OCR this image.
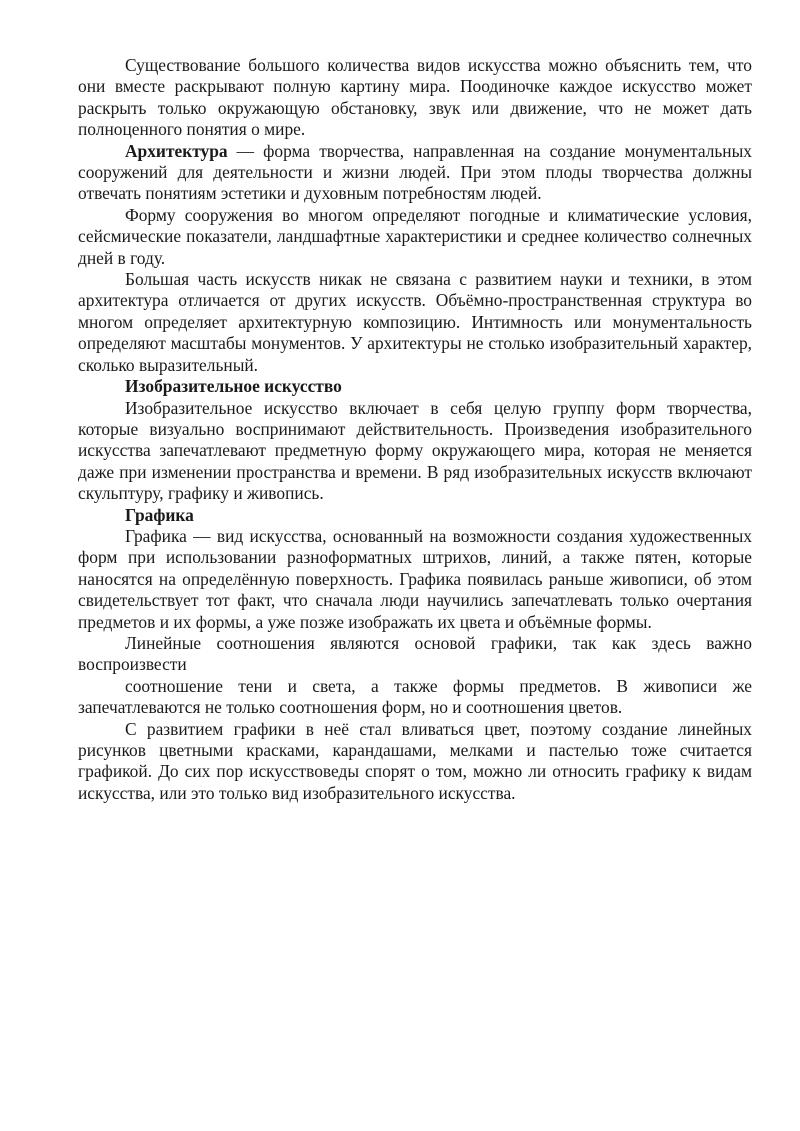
Существование большого количества видов искусства можно объяснить тем, что они вместе раскрывают полную картину мира. Поодиночке каждое искусство может раскрыть только окружающую обстановку, звук или движение, что не может дать полноценного понятия о мире.

Архитектура — форма творчества, направленная на создание монументальных сооружений для деятельности и жизни людей. При этом плоды творчества должны отвечать понятиям эстетики и духовным потребностям людей.

Форму сооружения во многом определяют погодные и климатические условия, сейсмические показатели, ландшафтные характеристики и среднее количество солнечных дней в году.

Большая часть искусств никак не связана с развитием науки и техники, в этом архитектура отличается от других искусств. Объёмно-пространственная структура во многом определяет архитектурную композицию. Интимность или монументальность определяют масштабы монументов. У архитектуры не столько изобразительный характер, сколько выразительный.

Изобразительное искусство

Изобразительное искусство включает в себя целую группу форм творчества, которые визуально воспринимают действительность. Произведения изобразительного искусства запечатлевают предметную форму окружающего мира, которая не меняется даже при изменении пространства и времени. В ряд изобразительных искусств включают скульптуру, графику и живопись.

Графика

Графика — вид искусства, основанный на возможности создания художественных форм при использовании разноформатных штрихов, линий, а также пятен, которые наносятся на определённую поверхность. Графика появилась раньше живописи, об этом свидетельствует тот факт, что сначала люди научились запечатлевать только очертания предметов и их формы, а уже позже изображать их цвета и объёмные формы.

Линейные соотношения являются основой графики, так как здесь важно воспроизвести

соотношение тени и света, а также формы предметов. В живописи же запечатлеваются не только соотношения форм, но и соотношения цветов.

С развитием графики в неё стал вливаться цвет, поэтому создание линейных рисунков цветными красками, карандашами, мелками и пастелью тоже считается графикой. До сих пор искусствоведы спорят о том, можно ли относить графику к видам искусства, или это только вид изобразительного искусства.
